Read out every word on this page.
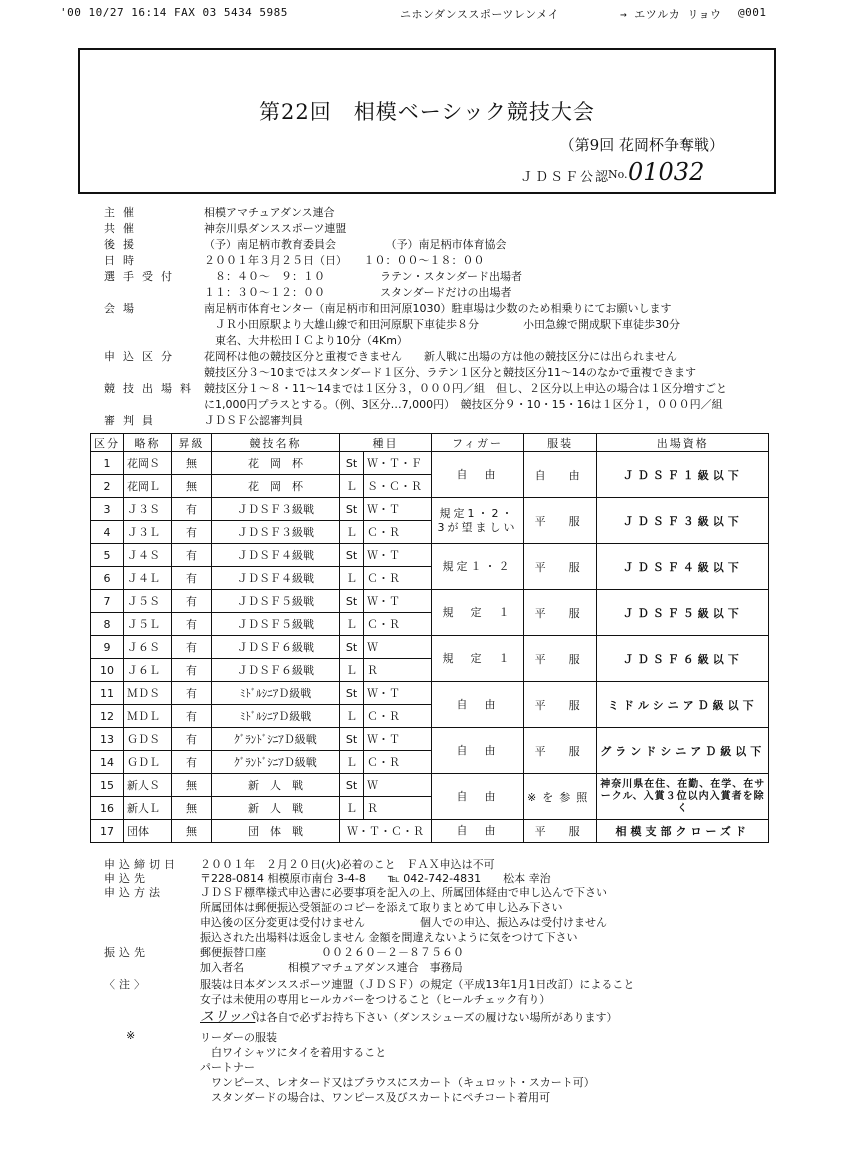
'00 10/27 16:14 FAX 03 5434 5985	ニホンダンススポーツレンメイ	→ エツルカ リョウ @001
第22回　相模ベーシック競技大会
（第9回 花岡杯争奪戦）
ＪＤＳＦ公認
No. 01032
主催	相模アマチュアダンス連合
共催	神奈川県ダンススポーツ連盟
後援	（予）南足柄市教育委員会　　　　　（予）南足柄市体育協会
日時	２００１年３月２５日（日）　　１０：００～１８：００
選手受付	　８：４０～　９：１０　　　　　ラテン・スタンダード出場者
１１：３０～１２：００　　　　　スタンダードだけの出場者
会場	南足柄市体育センター（南足柄市和田河原1030）駐車場は少数のため相乗りにてお願いします
　ＪＲ小田原駅より大雄山線で和田河原駅下車徒歩８分　　　　小田急線で開成駅下車徒歩30分
　東名、大井松田ＩＣより10分（4Km）
申込区分	花岡杯は他の競技区分と重複できません　　新人戦に出場の方は他の競技区分には出られません
競技区分３～10まではスタンダード１区分、ラテン１区分と競技区分11～14のなかで重複できます
競技出場料 競技区分１～８・11～14までは１区分３，０００円／組　但し、２区分以上申込の場合は１区分増すごと
に1,000円プラスとする。（例、3区分…7,000円）　競技区分９・10・15・16は１区分１，０００円／組
審判員	ＪＤＳＦ公認審判員
区分	略称	昇級	競技名称	種目		フィガー	服装	出場資格
1	花岡Ｓ	無	花　岡　杯	St	Ｗ・Ｔ・Ｆ	自　由	自　由	ＪＤＳＦ１級以下
2	花岡Ｌ	無	花　岡　杯	Ｌ	Ｓ・Ｃ・Ｒ			
3	Ｊ３Ｓ	有	ＪＤＳＦ３級戦	St	Ｗ・Ｔ	規定1・2・3が望ましい	平　服	ＪＤＳＦ３級以下
4	Ｊ３Ｌ	有	ＪＤＳＦ３級戦	Ｌ	Ｃ・Ｒ			
5	Ｊ４Ｓ	有	ＪＤＳＦ４級戦	St	Ｗ・Ｔ	規定１・２	平　服	ＪＤＳＦ４級以下
6	Ｊ４Ｌ	有	ＪＤＳＦ４級戦	Ｌ	Ｃ・Ｒ			
7	Ｊ５Ｓ	有	ＪＤＳＦ５級戦	St	Ｗ・Ｔ	規　定　１	平　服	ＪＤＳＦ５級以下
8	Ｊ５Ｌ	有	ＪＤＳＦ５級戦	Ｌ	Ｃ・Ｒ			
9	Ｊ６Ｓ	有	ＪＤＳＦ６級戦	St	Ｗ	規　定　１	平　服	ＪＤＳＦ６級以下
10	Ｊ６Ｌ	有	ＪＤＳＦ６級戦	Ｌ	Ｒ			
11	ＭＤＳ	有	ﾐﾄﾞﾙｼﾆｱＤ級戦	St	Ｗ・Ｔ	自　由	平　服	ミドルシニアＤ級以下
12	ＭＤＬ	有	ﾐﾄﾞﾙｼﾆｱＤ級戦	Ｌ	Ｃ・Ｒ			
13	ＧＤＳ	有	ｸﾞﾗﾝﾄﾞｼﾆｱＤ級戦	St	Ｗ・Ｔ	自　由	平　服	グランドシニアＤ級以下
14	ＧＤＬ	有	ｸﾞﾗﾝﾄﾞｼﾆｱＤ級戦	Ｌ	Ｃ・Ｒ			
15	新人Ｓ	無	新　人　戦	St	Ｗ	自　由	※を参照	神奈川県在住、在勤、在学、在サークル、入賞３位以内入賞者を除く
16	新人Ｌ	無	新　人　戦	Ｌ	Ｒ			
17	団体	無	団　体　戦	Ｗ・Ｔ・Ｃ・Ｒ		自　由	平　服	相模支部クローズド
申込締切日 ２００１年　２月２０日(火)必着のこと　ＦＡＸ申込は不可
申込先	〒228-0814 相模原市南台 3-4-8　　℡ 042-742-4831　　松本 幸治
申込方法	ＪＤＳＦ標準様式申込書に必要事項を記入の上、所属団体経由で申し込んで下さい
所属団体は郵便振込受領証のコピーを添えて取りまとめて申し込み下さい
申込後の区分変更は受付けません　　　　　個人での申込、振込みは受付けません
振込された出場料は返金しません 金額を間違えないように気をつけて下さい
振込先	郵便振替口座　　　　　００２６０－２－８７５６０
加入者名　　　　相模アマチュアダンス連合　事務局
〈注〉	服装は日本ダンススポーツ連盟（ＪＤＳＦ）の規定（平成13年1月1日改訂）によること
女子は未使用の専用ヒールカバーをつけること（ヒールチェック有り）
スリッパは各自で必ずお持ち下さい（ダンスシューズの履けない場所があります）
※	リーダーの服装
　白ワイシャツにタイを着用すること
パートナー
　ワンピース、レオタード又はブラウスにスカート（キュロット・スカート可）
　スタンダードの場合は、ワンピース及びスカートにペチコート着用可
